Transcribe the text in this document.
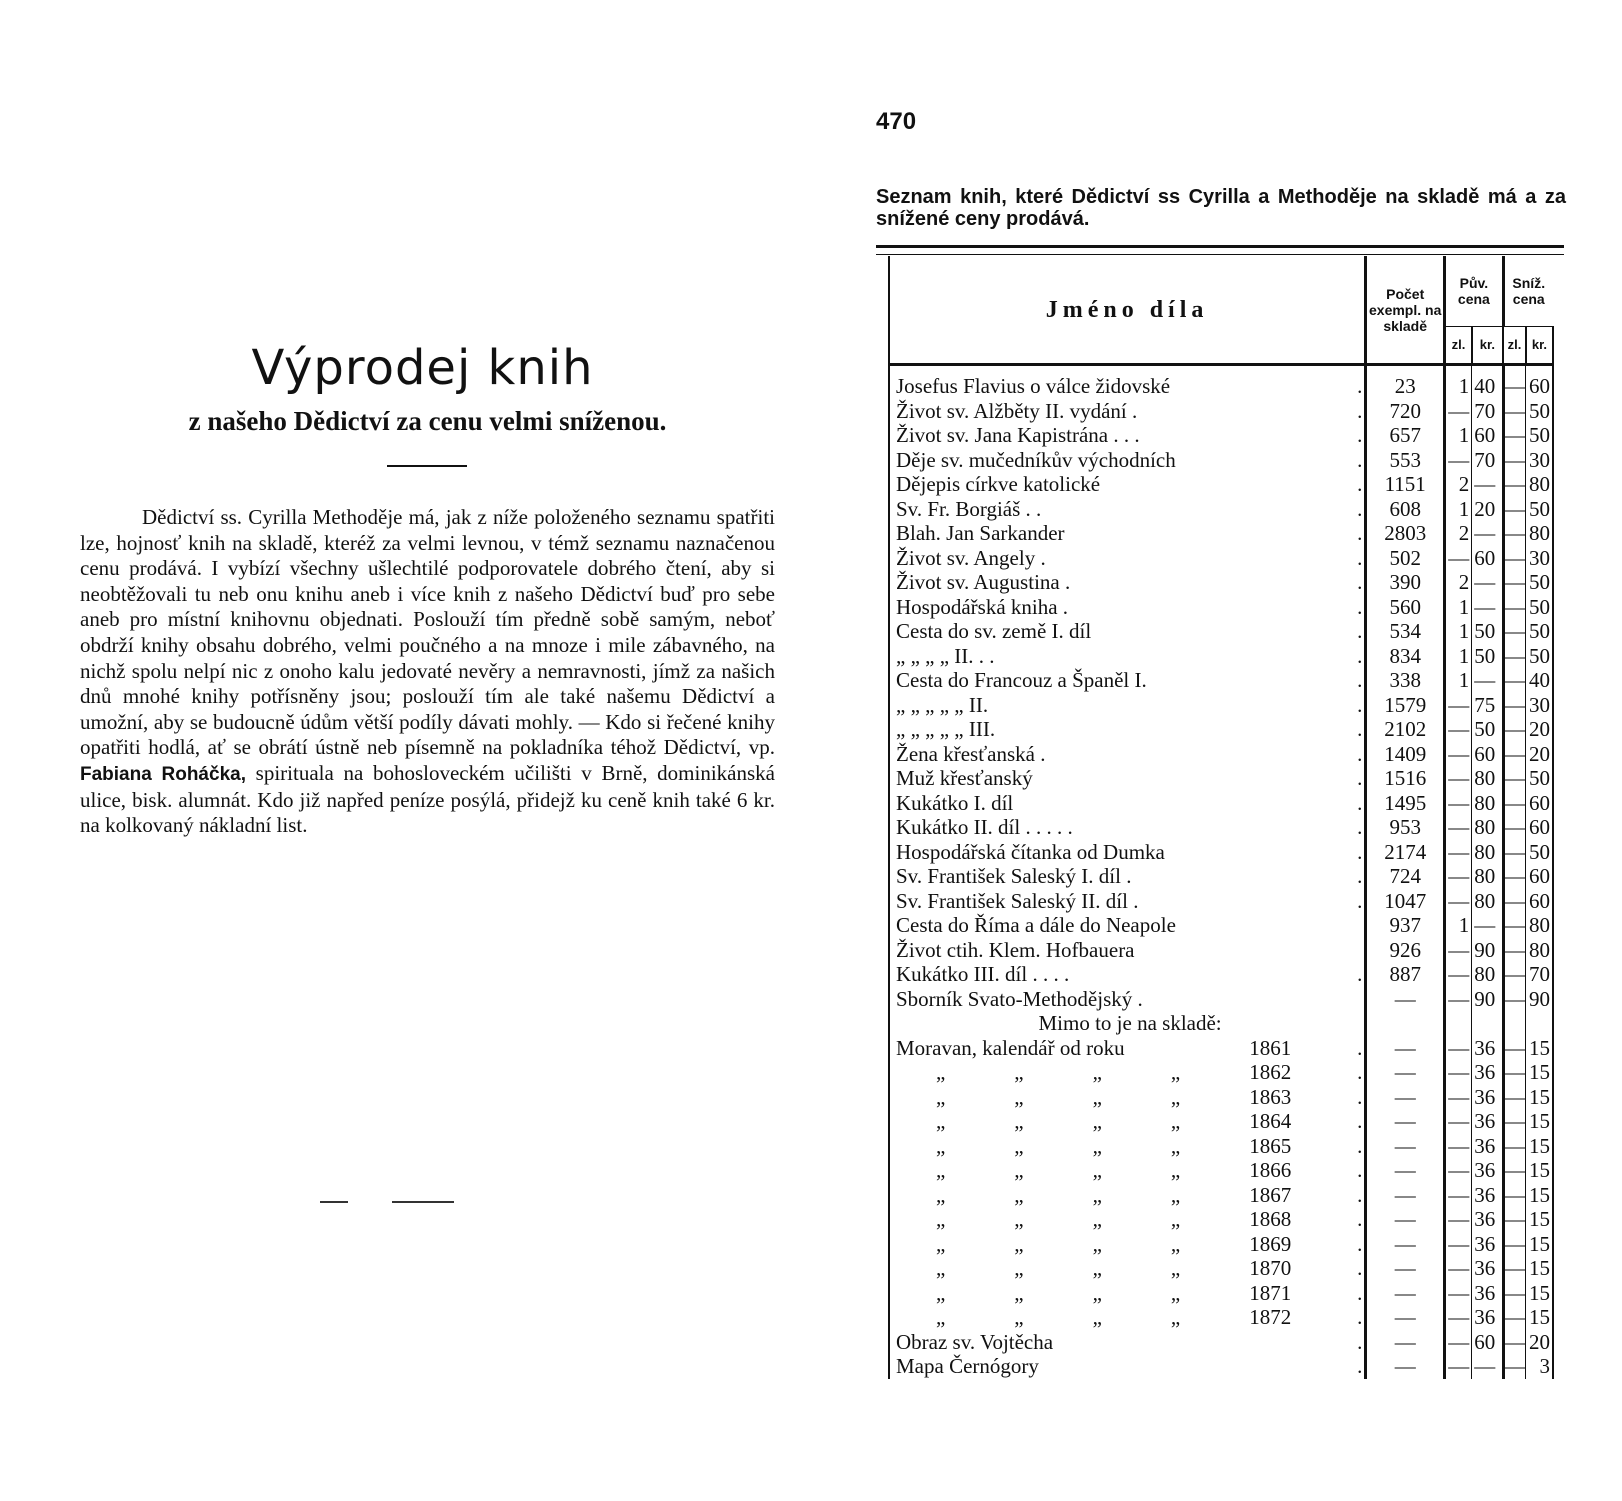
Výprodej knih
z našeho Dědictví za cenu velmi sníženou.

Dědictví ss. Cyrilla Methoděje má, jak z níže položeného seznamu spatřiti lze, hojnosť knih na skladě, kteréž za velmi levnou, v témž seznamu naznačenou cenu prodává. I vybízí všechny ušlechtilé podporovatele dobrého čtení, aby si neobtěžovali tu neb onu knihu aneb i více knih z našeho Dědictví buď pro sebe aneb pro místní knihovnu objednati. Poslouží tím předně sobě samým, neboť obdrží knihy obsahu dobrého, velmi poučného a na mnoze i mile zábavného, na nichž spolu nelpí nic z onoho kalu jedovaté nevěry a nemravnosti, jímž za našich dnů mnohé knihy potřísněny jsou; poslouží tím ale také našemu Dědictví a umožní, aby se budoucně údům větší podíly dávati mohly. — Kdo si řečené knihy opatřiti hodlá, ať se obrátí ústně neb písemně na pokladníka téhož Dědictví, vp. Fabiana Roháčka, spirituala na bohosloveckém učilišti v Brně, dominikánská ulice, bisk. alumnát. Kdo již napřed peníze posýlá, přidejž ku ceně knih také 6 kr. na kolkovaný nákladní list.

470

Seznam knih, které Dědictví ss Cyrilla a Methoděje na skladě má a za snížené ceny prodává.

Jméno díla		Počet exempl. na skladě	Pův. cena		Sníž. cena	
			zl.	kr.	zl.	kr.
Josefus Flavius o válce židovské	.	23	1	40	—	60
Život sv. Alžběty II. vydání .	.	720	—	70	—	50
Život sv. Jana Kapistrána . . .	.	657	1	60	—	50
Děje sv. mučedníkův východních	.	553	—	70	—	30
Dějepis církve katolické	.	1151	2	—	—	80
Sv. Fr. Borgiáš . .	.	608	1	20	—	50
Blah. Jan Sarkander	.	2803	2	—	—	80
Život sv. Angely .	.	502	—	60	—	30
Život sv. Augustina .	.	390	2	—	—	50
Hospodářská kniha .	.	560	1	—	—	50
Cesta do sv. země I. díl	.	534	1	50	—	50
„ „ „ „ II. . .	.	834	1	50	—	50
Cesta do Francouz a Španěl I.	.	338	1	—	—	40
„ „ „ „ „ II.	.	1579	—	75	—	30
„ „ „ „ „ III.	.	2102	—	50	—	20
Žena křesťanská .	.	1409	—	60	—	20
Muž křesťanský	.	1516	—	80	—	50
Kukátko I. díl	.	1495	—	80	—	60
Kukátko II. díl . . . . .	.	953	—	80	—	60
Hospodářská čítanka od Dumka	.	2174	—	80	—	50
Sv. František Saleský I. díl .	.	724	—	80	—	60
Sv. František Saleský II. díl .	.	1047	—	80	—	60
Cesta do Říma a dále do Neapole		937	1	—	—	80
Život ctih. Klem. Hofbauera		926	—	90	—	80
Kukátko III. díl . . . .	.	887	—	80	—	70
Sborník Svato-Methodějský .		—	—	90	—	90
Mimo to je na skladě:						

Moravan, kalendář od roku 1861	.	—	—	36	—	15

„ „ „ „ 1862	.	—	—	36	—	15

„ „ „ „ 1863	.	—	—	36	—	15

„ „ „ „ 1864	.	—	—	36	—	15

„ „ „ „ 1865	.	—	—	36	—	15

„ „ „ „ 1866	.	—	—	36	—	15

„ „ „ „ 1867	.	—	—	36	—	15

„ „ „ „ 1868	.	—	—	36	—	15

„ „ „ „ 1869	.	—	—	36	—	15

„ „ „ „ 1870	.	—	—	36	—	15

„ „ „ „ 1871	.	—	—	36	—	15

„ „ „ „ 1872	.	—	—	36	—	15
Obraz sv. Vojtěcha	.	—	—	60	—	20
Mapa Černógory	.	—	—	—	—	3
